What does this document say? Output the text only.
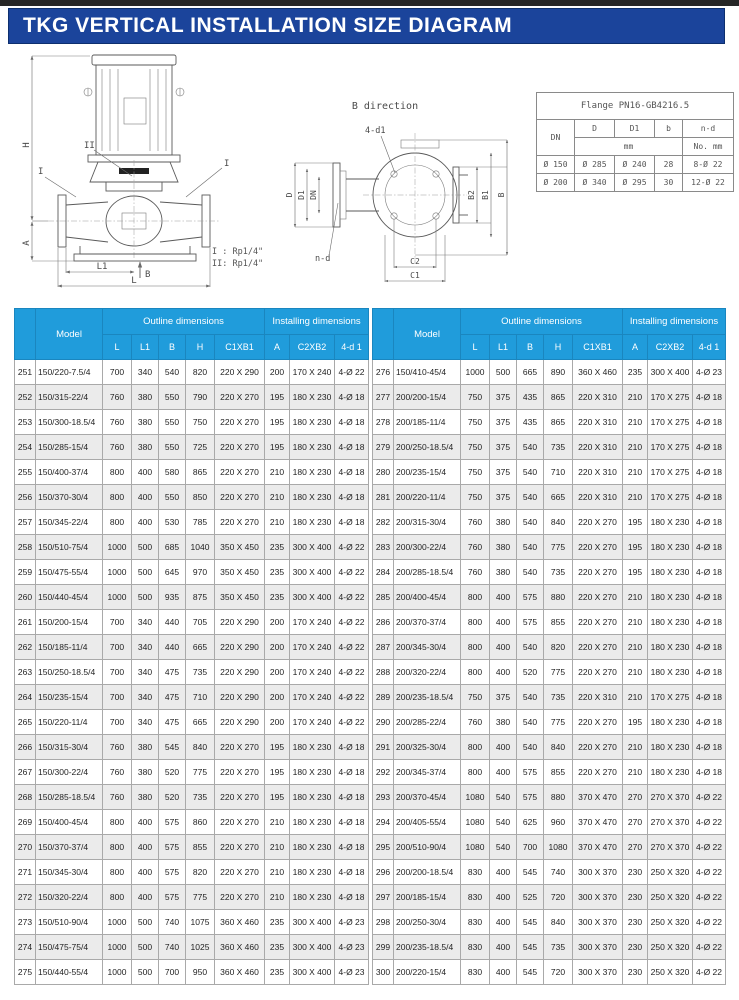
TKG VERTICAL INSTALLATION SIZE DIAGRAM
I
I
II
H
A
L1
L
B
B direction
4-d1
n-d
D D1 DN	B2 B1 B
C2
C1
I : Rp1/4"
II: Rp1/4"
Flange PN16-GB4216.5				
DN	D	D1	b	n-d
	mm			No. mm
Ø 150	Ø 285	Ø 240	28	8-Ø 22
Ø 200	Ø 340	Ø 295	30	12-Ø 22
	Model	Outline dimensions					Installing dimensions		
		L	L1	B	H	C1XB1	A	C2XB2	4-d 1
251	150/220-7.5/4	700	340	540	820	220 X 290	200	170 X 240	4-Ø 22
252	150/315-22/4	760	380	550	790	220 X 270	195	180 X 230	4-Ø 18
253	150/300-18.5/4	760	380	550	750	220 X 270	195	180 X 230	4-Ø 18
254	150/285-15/4	760	380	550	725	220 X 270	195	180 X 230	4-Ø 18
255	150/400-37/4	800	400	580	865	220 X 270	210	180 X 230	4-Ø 18
256	150/370-30/4	800	400	550	850	220 X 270	210	180 X 230	4-Ø 18
257	150/345-22/4	800	400	530	785	220 X 270	210	180 X 230	4-Ø 18
258	150/510-75/4	1000	500	685	1040	350 X 450	235	300 X 400	4-Ø 22
259	150/475-55/4	1000	500	645	970	350 X 450	235	300 X 400	4-Ø 22
260	150/440-45/4	1000	500	935	875	350 X 450	235	300 X 400	4-Ø 22
261	150/200-15/4	700	340	440	705	220 X 290	200	170 X 240	4-Ø 22
262	150/185-11/4	700	340	440	665	220 X 290	200	170 X 240	4-Ø 22
263	150/250-18.5/4	700	340	475	735	220 X 290	200	170 X 240	4-Ø 22
264	150/235-15/4	700	340	475	710	220 X 290	200	170 X 240	4-Ø 22
265	150/220-11/4	700	340	475	665	220 X 290	200	170 X 240	4-Ø 22
266	150/315-30/4	760	380	545	840	220 X 270	195	180 X 230	4-Ø 18
267	150/300-22/4	760	380	520	775	220 X 270	195	180 X 230	4-Ø 18
268	150/285-18.5/4	760	380	520	735	220 X 270	195	180 X 230	4-Ø 18
269	150/400-45/4	800	400	575	860	220 X 270	210	180 X 230	4-Ø 18
270	150/370-37/4	800	400	575	855	220 X 270	210	180 X 230	4-Ø 18
271	150/345-30/4	800	400	575	820	220 X 270	210	180 X 230	4-Ø 18
272	150/320-22/4	800	400	575	775	220 X 270	210	180 X 230	4-Ø 18
273	150/510-90/4	1000	500	740	1075	360 X 460	235	300 X 400	4-Ø 23
274	150/475-75/4	1000	500	740	1025	360 X 460	235	300 X 400	4-Ø 23
275	150/440-55/4	1000	500	700	950	360 X 460	235	300 X 400	4-Ø 23
	Model	Outline dimensions					Installing dimensions		
		L	L1	B	H	C1XB1	A	C2XB2	4-d 1
276	150/410-45/4	1000	500	665	890	360 X 460	235	300 X 400	4-Ø 23
277	200/200-15/4	750	375	435	865	220 X 310	210	170 X 275	4-Ø 18
278	200/185-11/4	750	375	435	865	220 X 310	210	170 X 275	4-Ø 18
279	200/250-18.5/4	750	375	540	735	220 X 310	210	170 X 275	4-Ø 18
280	200/235-15/4	750	375	540	710	220 X 310	210	170 X 275	4-Ø 18
281	200/220-11/4	750	375	540	665	220 X 310	210	170 X 275	4-Ø 18
282	200/315-30/4	760	380	540	840	220 X 270	195	180 X 230	4-Ø 18
283	200/300-22/4	760	380	540	775	220 X 270	195	180 X 230	4-Ø 18
284	200/285-18.5/4	760	380	540	735	220 X 270	195	180 X 230	4-Ø 18
285	200/400-45/4	800	400	575	880	220 X 270	210	180 X 230	4-Ø 18
286	200/370-37/4	800	400	575	855	220 X 270	210	180 X 230	4-Ø 18
287	200/345-30/4	800	400	540	820	220 X 270	210	180 X 230	4-Ø 18
288	200/320-22/4	800	400	520	775	220 X 270	210	180 X 230	4-Ø 18
289	200/235-18.5/4	750	375	540	735	220 X 310	210	170 X 275	4-Ø 18
290	200/285-22/4	760	380	540	775	220 X 270	195	180 X 230	4-Ø 18
291	200/325-30/4	800	400	540	840	220 X 270	210	180 X 230	4-Ø 18
292	200/345-37/4	800	400	575	855	220 X 270	210	180 X 230	4-Ø 18
293	200/370-45/4	1080	540	575	880	370 X 470	270	270 X 370	4-Ø 22
294	200/405-55/4	1080	540	625	960	370 X 470	270	270 X 370	4-Ø 22
295	200/510-90/4	1080	540	700	1080	370 X 470	270	270 X 370	4-Ø 22
296	200/200-18.5/4	830	400	545	740	300 X 370	230	250 X 320	4-Ø 22
297	200/185-15/4	830	400	525	720	300 X 370	230	250 X 320	4-Ø 22
298	200/250-30/4	830	400	545	840	300 X 370	230	250 X 320	4-Ø 22
299	200/235-18.5/4	830	400	545	735	300 X 370	230	250 X 320	4-Ø 22
300	200/220-15/4	830	400	545	720	300 X 370	230	250 X 320	4-Ø 22
